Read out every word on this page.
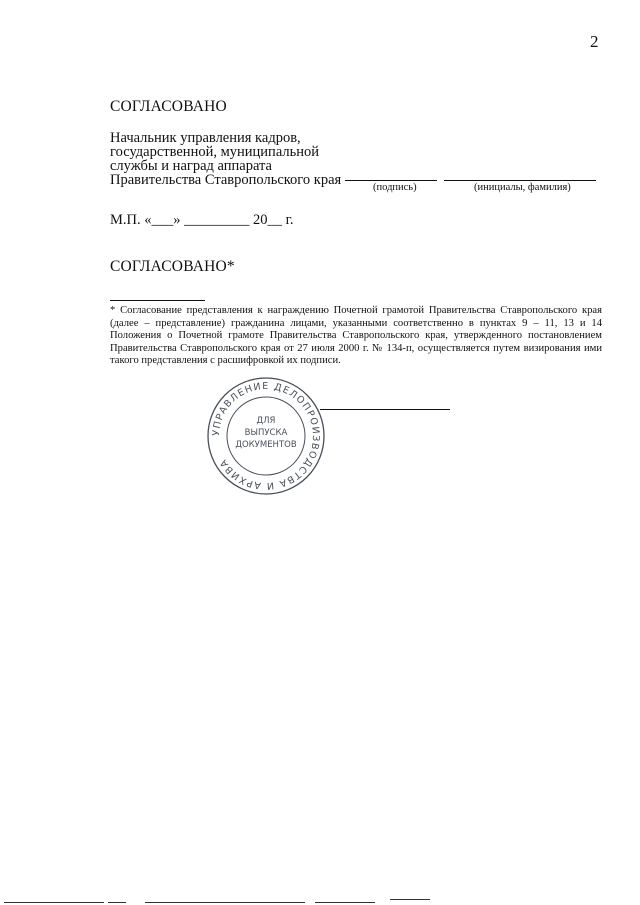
2
СОГЛАСОВАНО
Начальник управления кадров,
государственной, муниципальной
службы и наград аппарата
Правительства Ставропольского края	(подпись)	(инициалы, фамилия)
М.П. «___» _________ 20__ г.
СОГЛАСОВАНО*
* Согласование представления к награждению Почетной грамотой Правительства Ставропольского края (далее – представление) гражданина лицами, указанными соответственно в пунктах 9 – 11, 13 и 14 Положения о Почетной грамоте Правительства Ставропольского края, утвержденного постановлением Правительства Ставропольского края от 27 июля 2000 г. № 134-п, осуществляется путем визирования ими такого представления с расшифровкой их подписи.
УПРАВЛЕНИЕ ДЕЛОПРОИЗВОДСТВА И АРХИВА
ДЛЯ
ВЫПУСКА
ДОКУМЕНТОВ
